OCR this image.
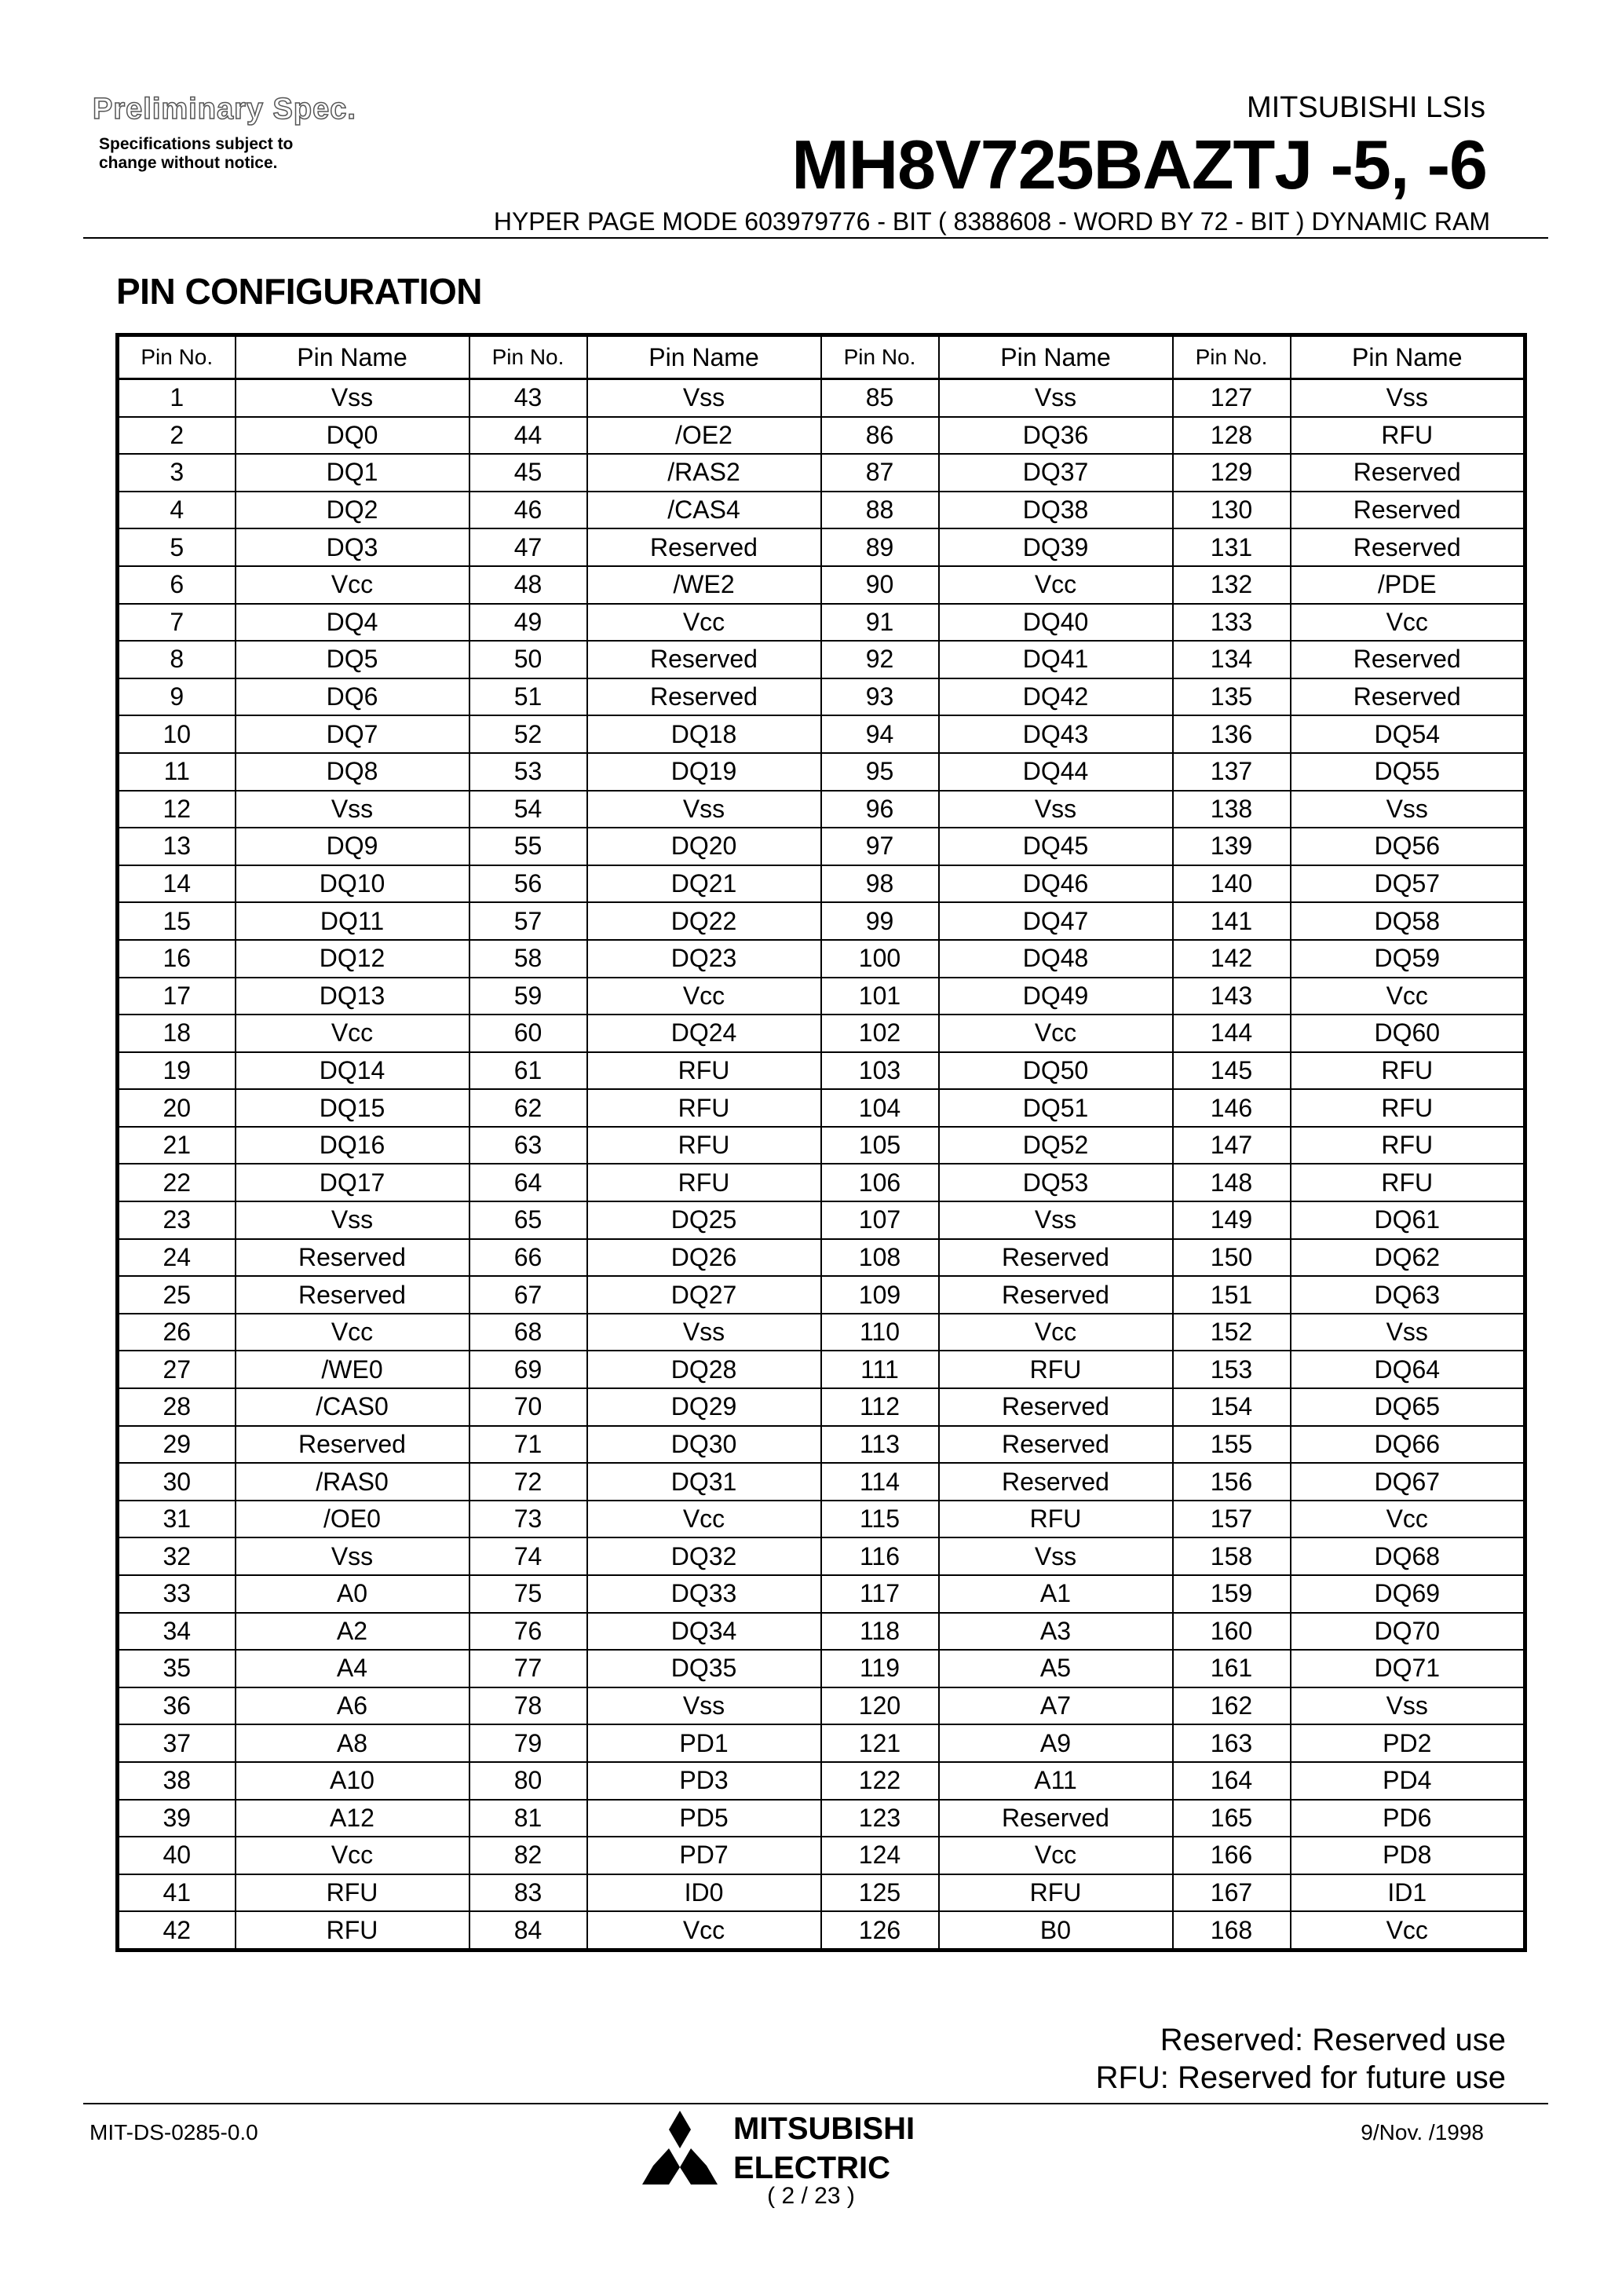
Preliminary Spec.
Specifications subject to
change without notice.
MITSUBISHI LSIs
MH8V725BAZTJ -5, -6
HYPER PAGE MODE 603979776 - BIT ( 8388608 - WORD BY 72 - BIT ) DYNAMIC RAM
PIN CONFIGURATION
Pin No.	Pin Name	Pin No.	Pin Name	Pin No.	Pin Name	Pin No.	Pin Name
1	Vss	43	Vss	85	Vss	127	Vss
2	DQ0	44	/OE2	86	DQ36	128	RFU
3	DQ1	45	/RAS2	87	DQ37	129	Reserved
4	DQ2	46	/CAS4	88	DQ38	130	Reserved
5	DQ3	47	Reserved	89	DQ39	131	Reserved
6	Vcc	48	/WE2	90	Vcc	132	/PDE
7	DQ4	49	Vcc	91	DQ40	133	Vcc
8	DQ5	50	Reserved	92	DQ41	134	Reserved
9	DQ6	51	Reserved	93	DQ42	135	Reserved
10	DQ7	52	DQ18	94	DQ43	136	DQ54
11	DQ8	53	DQ19	95	DQ44	137	DQ55
12	Vss	54	Vss	96	Vss	138	Vss
13	DQ9	55	DQ20	97	DQ45	139	DQ56
14	DQ10	56	DQ21	98	DQ46	140	DQ57
15	DQ11	57	DQ22	99	DQ47	141	DQ58
16	DQ12	58	DQ23	100	DQ48	142	DQ59
17	DQ13	59	Vcc	101	DQ49	143	Vcc
18	Vcc	60	DQ24	102	Vcc	144	DQ60
19	DQ14	61	RFU	103	DQ50	145	RFU
20	DQ15	62	RFU	104	DQ51	146	RFU
21	DQ16	63	RFU	105	DQ52	147	RFU
22	DQ17	64	RFU	106	DQ53	148	RFU
23	Vss	65	DQ25	107	Vss	149	DQ61
24	Reserved	66	DQ26	108	Reserved	150	DQ62
25	Reserved	67	DQ27	109	Reserved	151	DQ63
26	Vcc	68	Vss	110	Vcc	152	Vss
27	/WE0	69	DQ28	111	RFU	153	DQ64
28	/CAS0	70	DQ29	112	Reserved	154	DQ65
29	Reserved	71	DQ30	113	Reserved	155	DQ66
30	/RAS0	72	DQ31	114	Reserved	156	DQ67
31	/OE0	73	Vcc	115	RFU	157	Vcc
32	Vss	74	DQ32	116	Vss	158	DQ68
33	A0	75	DQ33	117	A1	159	DQ69
34	A2	76	DQ34	118	A3	160	DQ70
35	A4	77	DQ35	119	A5	161	DQ71
36	A6	78	Vss	120	A7	162	Vss
37	A8	79	PD1	121	A9	163	PD2
38	A10	80	PD3	122	A11	164	PD4
39	A12	81	PD5	123	Reserved	165	PD6
40	Vcc	82	PD7	124	Vcc	166	PD8
41	RFU	83	ID0	125	RFU	167	ID1
42	RFU	84	Vcc	126	B0	168	Vcc
Reserved: Reserved use
RFU: Reserved for future use
MIT-DS-0285-0.0	MITSUBISHI
ELECTRIC
9/Nov. /1998
( 2 / 23 )
